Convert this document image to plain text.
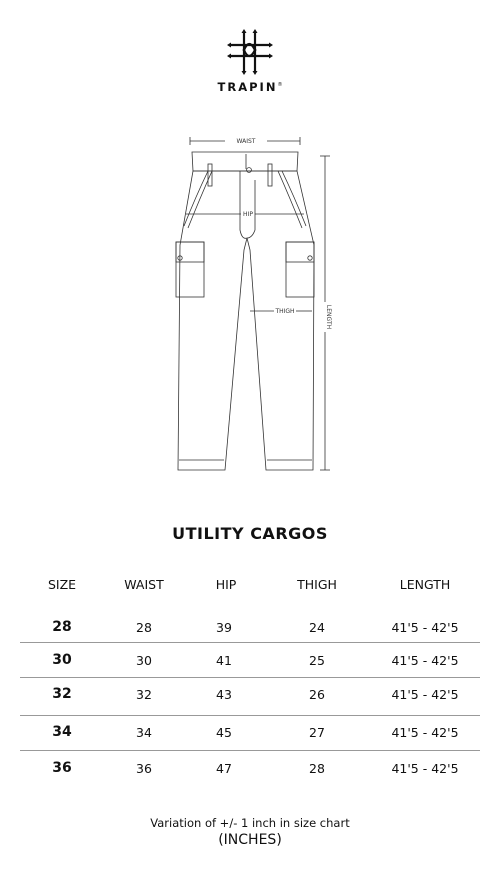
TRAPIN®
WAIST
HIP
THIGH	LENGTH
UTILITY CARGOS
SIZE	WAIST	HIP	THIGH	LENGTH
28	28	39	24	41'5 - 42'5
30	30	41	25	41'5 - 42'5
32	32	43	26	41'5 - 42'5
34	34	45	27	41'5 - 42'5
36	36	47	28	41'5 - 42'5
Variation of +/- 1 inch in size chart
(INCHES)
